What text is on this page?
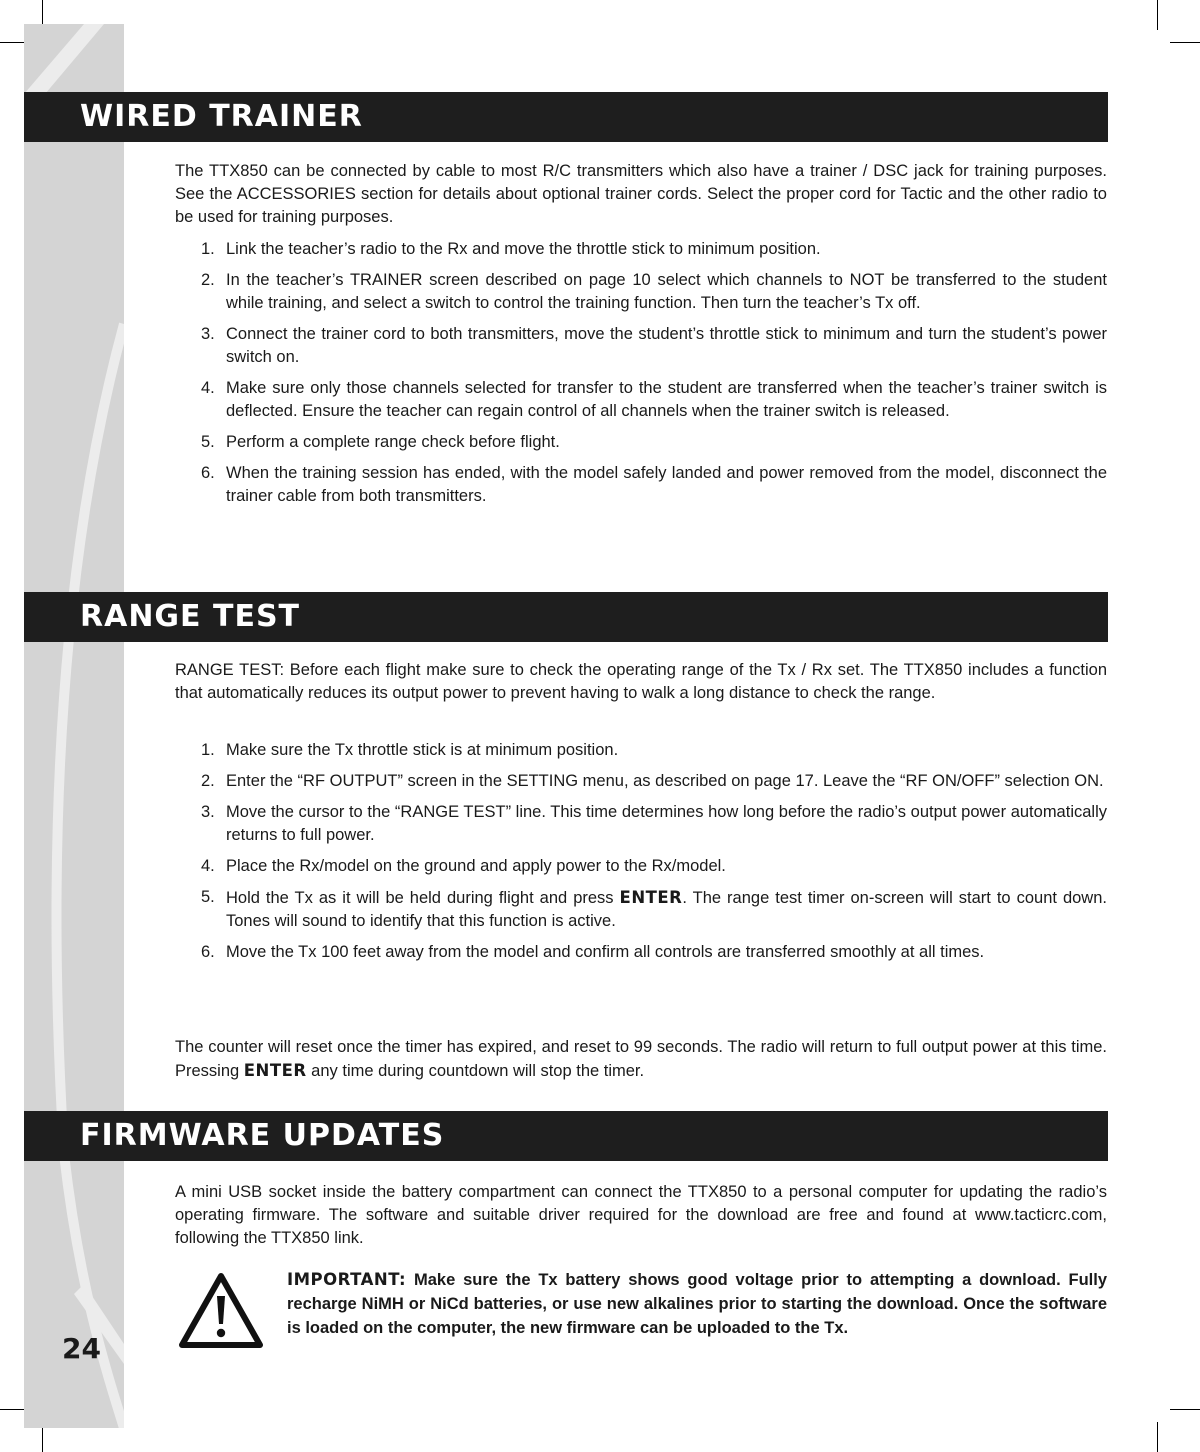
WIRED TRAINER

The TTX850 can be connected by cable to most R/C transmitters which also have a trainer / DSC jack for training purposes. See the ACCESSORIES section for details about optional trainer cords. Select the proper cord for Tactic and the other radio to be used for training purposes.

1. Link the teacher’s radio to the Rx and move the throttle stick to minimum position.
2. In the teacher’s TRAINER screen described on page 10 select which channels to NOT be transferred to the student while training, and select a switch to control the training function. Then turn the teacher’s Tx off.
3. Connect the trainer cord to both transmitters, move the student’s throttle stick to minimum and turn the student’s power switch on.
4. Make sure only those channels selected for transfer to the student are transferred when the teacher’s trainer switch is deflected. Ensure the teacher can regain control of all channels when the trainer switch is released.
5. Perform a complete range check before flight.
6. When the training session has ended, with the model safely landed and power removed from the model, disconnect the trainer cable from both transmitters.
RANGE TEST

RANGE TEST: Before each flight make sure to check the operating range of the Tx / Rx set. The TTX850 includes a function that automatically reduces its output power to prevent having to walk a long distance to check the range.

1. Make sure the Tx throttle stick is at minimum position.
2. Enter the “RF OUTPUT” screen in the SETTING menu, as described on page 17. Leave the “RF ON/OFF” selection ON.
3. Move the cursor to the “RANGE TEST” line. This time determines how long before the radio’s output power automatically returns to full power.
4. Place the Rx/model on the ground and apply power to the Rx/model.
5. Hold the Tx as it will be held during flight and press ENTER. The range test timer on-screen will start to count down. Tones will sound to identify that this function is active.
6. Move the Tx 100 feet away from the model and confirm all controls are transferred smoothly at all times.

The counter will reset once the timer has expired, and reset to 99 seconds. The radio will return to full output power at this time. Pressing ENTER any time during countdown will stop the timer.

FIRMWARE UPDATES

A mini USB socket inside the battery compartment can connect the TTX850 to a personal computer for updating the radio’s operating firmware. The software and suitable driver required for the download are free and found at www.tacticrc.com, following the TTX850 link.

IMPORTANT: Make sure the Tx battery shows good voltage prior to attempting a download. Fully recharge NiMH or NiCd batteries, or use new alkalines prior to starting the download. Once the software is loaded on the computer, the new firmware can be uploaded to the Tx.

24
